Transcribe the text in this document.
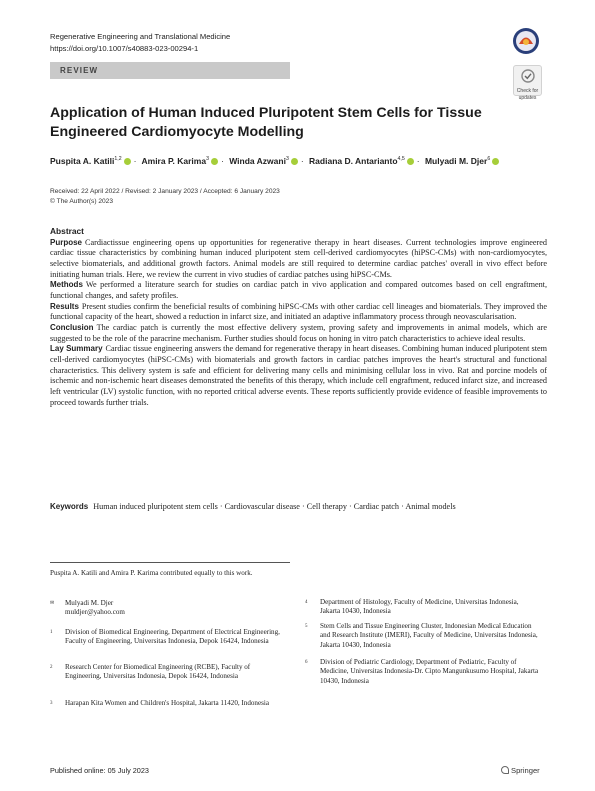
Regenerative Engineering and Translational Medicine
https://doi.org/10.1007/s40883-023-00294-1
REVIEW
Check for
updates
Application of Human Induced Pluripotent Stem Cells for Tissue
Engineered Cardiomyocyte Modelling
Puspita A. Katili$^{1,2}$ · Amira P. Karima$^3$ · Winda Azwani$^3$ · Radiana D. Antarianto$^{4,5}$ · Mulyadi M. Djer$^6$
Received: 22 April 2022 / Revised: 2 January 2023 / Accepted: 6 January 2023
© The Author(s) 2023
Abstract

Purpose Cardiactissue engineering opens up opportunities for regenerative therapy in heart diseases. Current technologies improve engineered cardiac tissue characteristics by combining human induced pluripotent stem cell-derived cardiomyocytes (hiPSC-CMs) with non-cardiomyocytes, selective biomaterials, and additional growth factors. Animal models are still required to determine cardiac patches' overall in vivo effect before initiating human trials. Here, we review the current in vivo studies of cardiac patches using hiPSC-CMs.

Methods We performed a literature search for studies on cardiac patch in vivo application and compared outcomes based on cell engraftment, functional changes, and safety profiles.

Results Present studies confirm the beneficial results of combining hiPSC-CMs with other cardiac cell lineages and biomaterials. They improved the functional capacity of the heart, showed a reduction in infarct size, and initiated an adaptive inflammatory process through neovascularisation.

Conclusion The cardiac patch is currently the most effective delivery system, proving safety and improvements in animal models, which are suggested to be the role of the paracrine mechanism. Further studies should focus on honing in vitro patch characteristics to achieve ideal results.

Lay Summary Cardiac tissue engineering answers the demand for regenerative therapy in heart diseases. Combining human induced pluripotent stem cell-derived cardiomyocytes (hiPSC-CMs) with biomaterials and growth factors in cardiac patches improves the heart's structural and functional characteristics. This delivery system is safe and efficient for delivering many cells and minimising cellular loss in vivo. Rat and porcine models of ischemic and non-ischemic heart diseases demonstrated the benefits of this therapy, which include cell engraftment, reduced infarct size, and increased left ventricular (LV) systolic function, with no reported critical adverse events. These reports sufficiently provide evidence of feasible improvements to proceed towards further trials.

Keywords Human induced pluripotent stem cells · Cardiovascular disease · Cell therapy · Cardiac patch · Animal models
Puspita A. Katili and Amira P. Karima contributed equally to this work.
✉ Mulyadi M. Djer
muldjer@yahoo.com
1 Division of Biomedical Engineering, Department of Electrical Engineering, Faculty of Engineering, Universitas Indonesia, Depok 16424, Indonesia
2 Research Center for Biomedical Engineering (RCBE), Faculty of Engineering, Universitas Indonesia, Depok 16424, Indonesia
3 Harapan Kita Women and Children's Hospital, Jakarta 11420, Indonesia
4 Department of Histology, Faculty of Medicine, Universitas Indonesia, Jakarta 10430, Indonesia
5 Stem Cells and Tissue Engineering Cluster, Indonesian Medical Education and Research Institute (IMERI), Faculty of Medicine, Universitas Indonesia, Jakarta 10430, Indonesia
6 Division of Pediatric Cardiology, Department of Pediatric, Faculty of Medicine, Universitas Indonesia-Dr. Cipto Mangunkusumo Hospital, Jakarta 10430, Indonesia
Published online: 05 July 2023	Springer
